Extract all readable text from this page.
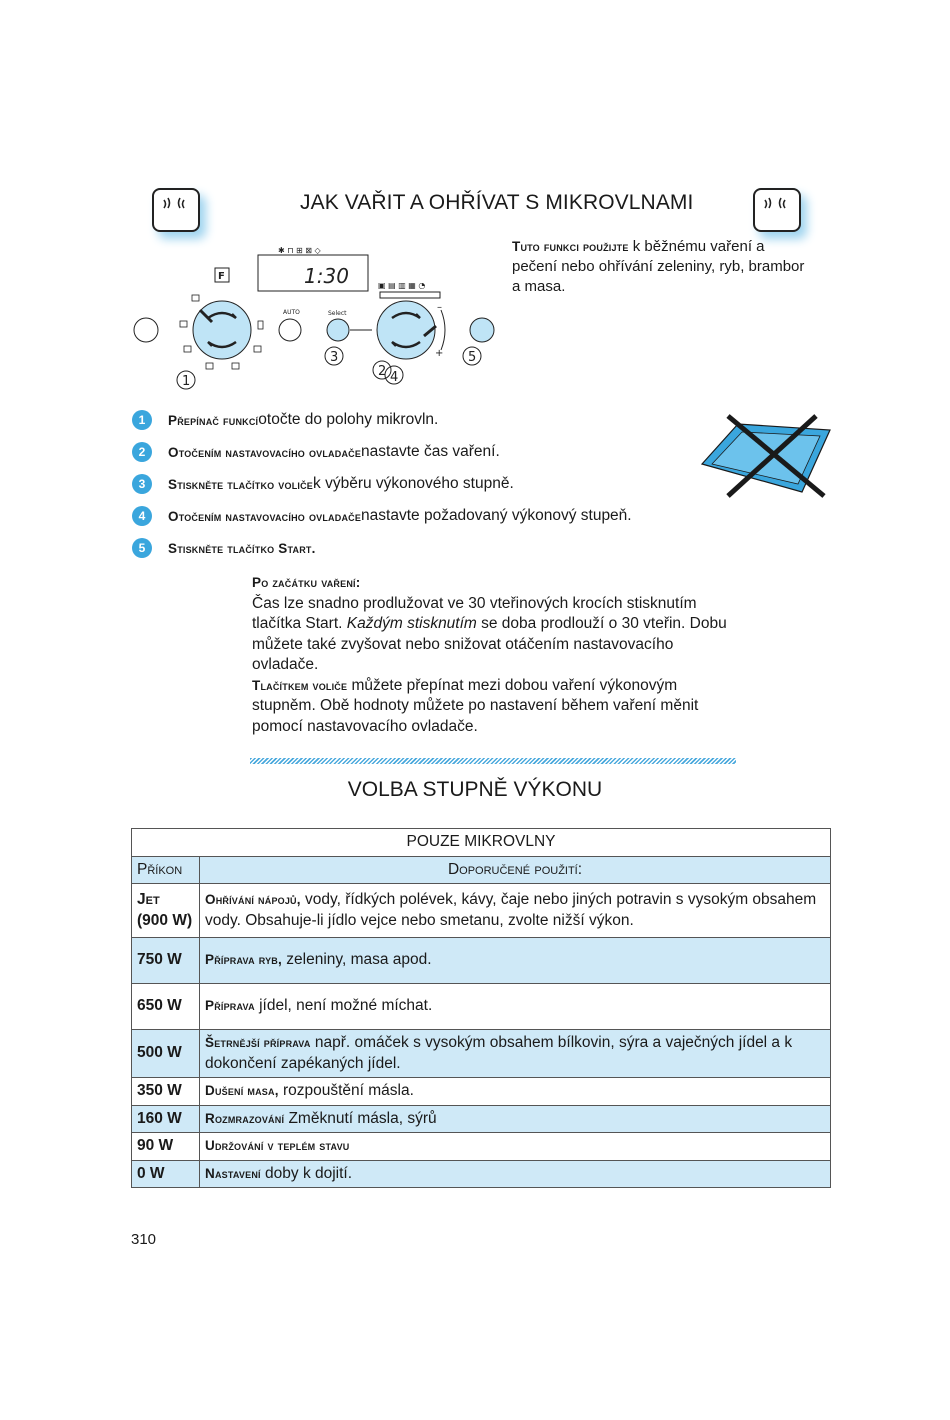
JAK VAŘIT A OHŘÍVAT S MIKROVLNAMI
Tuto funkci použijte k běžnému vaření a pečení nebo ohřívání zeleniny, ryb, brambor a masa.
✱ ⊓ ⊞ ⊠ ◇
▣ ▤ ▥ ▦ ◔
F	1:30
AUTO	Select
1
3
2 4
5
–
+
1	Přepínač funkcí otočte do polohy mikrovln.
2	Otočením nastavovacího ovladače nastavte čas vaření.
3	Stiskněte tlačítko voliče k výběru výkonového stupně.
4	Otočením nastavovacího ovladače nastavte požadovaný výkonový stupeň.
5	Stiskněte tlačítko Start.
Po začátku vaření:
Čas lze snadno prodlužovat ve 30 vteřinových krocích stisknutím tlačítka Start. Každým stisknutím se doba prodlouží o 30 vteřin. Dobu můžete také zvyšovat nebo snižovat otáčením nastavovacího ovladače.
Tlačítkem voliče můžete přepínat mezi dobou vaření výkonovým stupněm. Obě hodnoty můžete po nastavení během vaření měnit pomocí nastavovacího ovladače.
VOLBA STUPNĚ VÝKONU
POUZE MIKROVLNY	
Příkon	Doporučené použití:
Jet (900 W)	Ohřívání nápojů, vody, řídkých polévek, kávy, čaje nebo jiných potravin s vysokým obsahem vody. Obsahuje-li jídlo vejce nebo smetanu, zvolte nižší výkon.
750 W	Příprava ryb, zeleniny, masa apod.
650 W	Příprava jídel, není možné míchat.
500 W	Šetrnější příprava např. omáček s vysokým obsahem bílkovin, sýra a vaječných jídel a k dokončení zapékaných jídel.
350 W	Dušení masa, rozpouštění másla.
160 W	Rozmrazování Změknutí másla, sýrů
90 W	Udržování v teplém stavu
0 W	Nastavení doby k dojití.
310
